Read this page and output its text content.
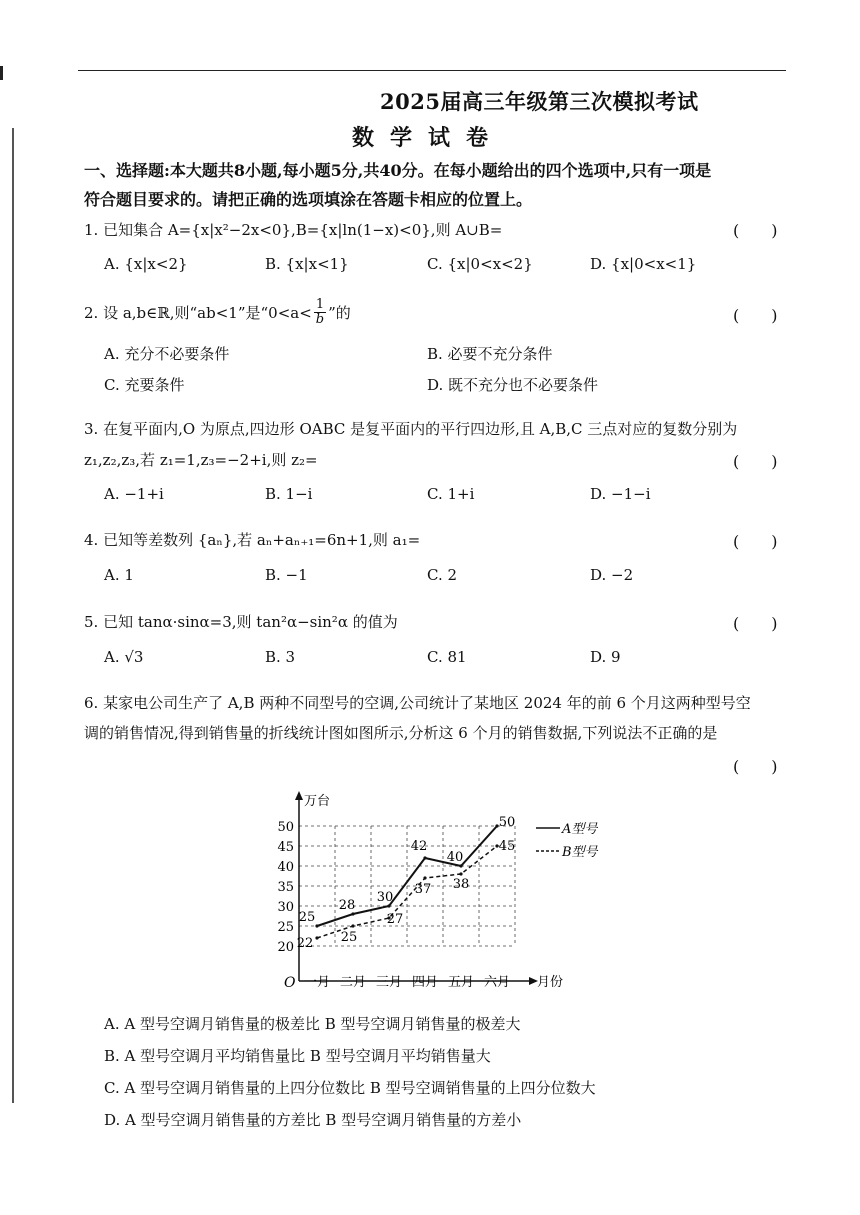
2025届高三年级第三次模拟考试
数学试卷
一、选择题:本大题共8小题,每小题5分,共40分。在每小题给出的四个选项中,只有一项是
符合题目要求的。请把正确的选项填涂在答题卡相应的位置上。
1. 已知集合 A={x|x²−2x<0},B={x|ln(1−x)<0},则 A∪B=	(　　)
A. {x|x<2}	B. {x|x<1}	C. {x|0<x<2}	D. {x|0<x<1}
2. 设 a,b∈ℝ,则“ab<1”是“$0<a< \frac{1}{b}$ ”的	(　　)
A. 充分不必要条件	B. 必要不充分条件
C. 充要条件	D. 既不充分也不必要条件
3. 在复平面内,O 为原点,四边形 OABC 是复平面内的平行四边形,且 A,B,C 三点对应的复数分别为
z₁,z₂,z₃,若 z₁=1,z₃=−2+i,则 z₂=	(　　)
A. −1+i	B. 1−i	C. 1+i	D. −1−i
4. 已知等差数列 {aₙ},若 aₙ+aₙ₊₁=6n+1,则 a₁=	(　　)
A. 1	B. −1	C. 2	D. −2
5. 已知 tanα·sinα=3,则 tan²α−sin²α 的值为	(　　)
A. √3	B. 3	C. 81	D. 9
6. 某家电公司生产了 A,B 两种不同型号的空调,公司统计了某地区 2024 年的前 6 个月这两种型号空
调的销售情况,得到销售量的折线统计图如图所示,分析这 6 个月的销售数据,下列说法不正确的是
(　　)
万台
月份
O
20
25
30
35
40
45
50
一月 二月 三月 四月 五月 六月
25
28
30
42
40
50
22 25
27
37 38
45
A型号
B型号
A. A 型号空调月销售量的极差比 B 型号空调月销售量的极差大
B. A 型号空调月平均销售量比 B 型号空调月平均销售量大
C. A 型号空调月销售量的上四分位数比 B 型号空调销售量的上四分位数大
D. A 型号空调月销售量的方差比 B 型号空调月销售量的方差小
